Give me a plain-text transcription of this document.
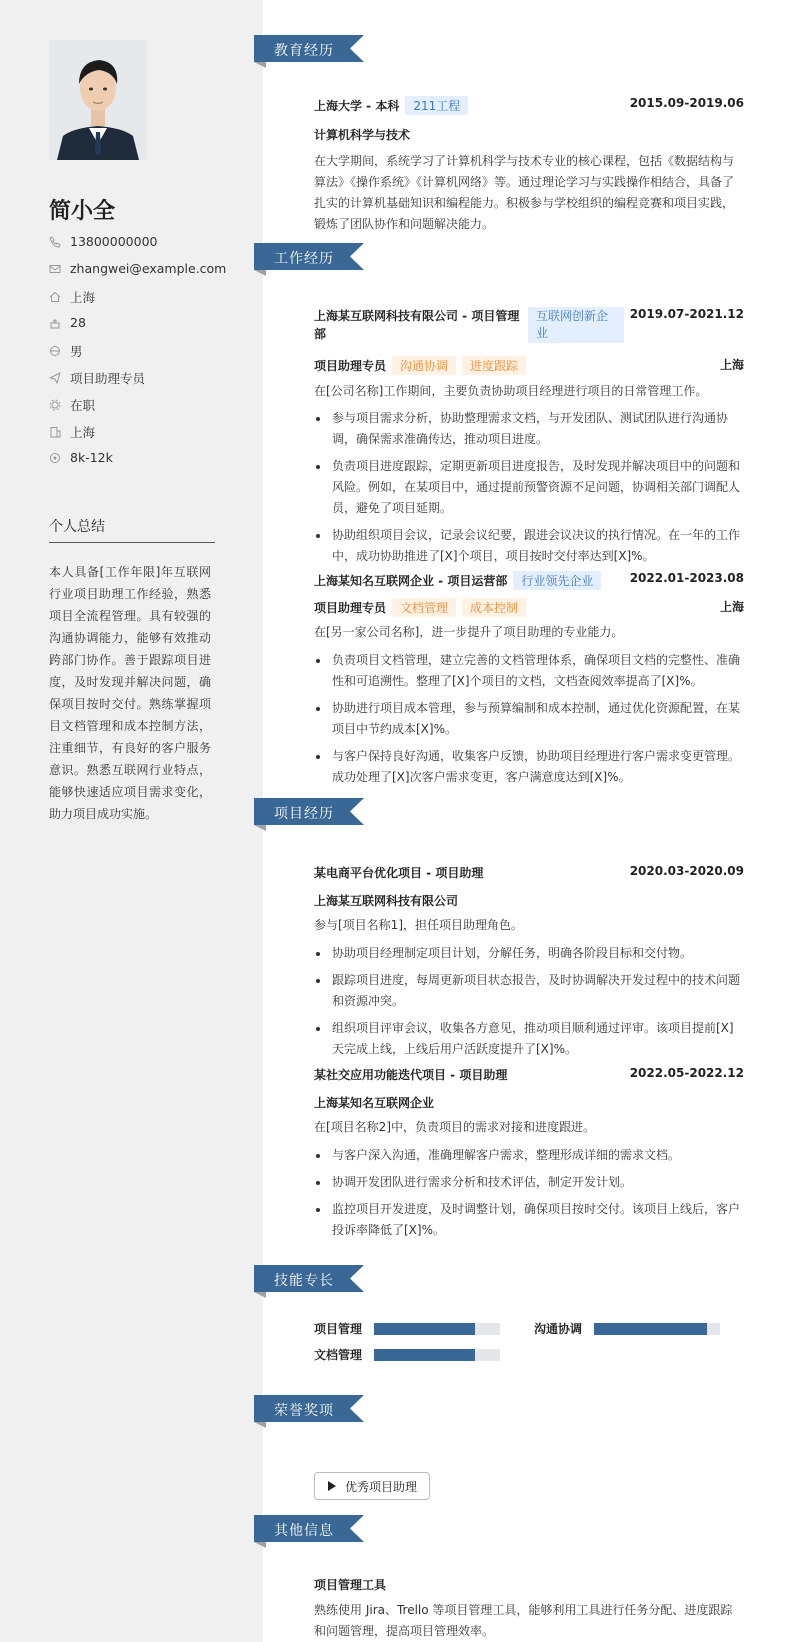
简小全
13800000000
zhangwei@example.com
上海
28
男
项目助理专员
在职
上海
8k-12k
个人总结
本人具备[工作年限]年互联网行业项目助理工作经验，熟悉项目全流程管理。具有较强的沟通协调能力，能够有效推动跨部门协作。善于跟踪项目进度，及时发现并解决问题，确保项目按时交付。熟练掌握项目文档管理和成本控制方法，注重细节，有良好的客户服务意识。熟悉互联网行业特点，能够快速适应项目需求变化，助力项目成功实施。
教育经历
工作经历
项目经历
技能专长
荣誉奖项
其他信息
上海大学 - 本科 211工程	2015.09-2019.06
计算机科学与技术
在大学期间，系统学习了计算机科学与技术专业的核心课程，包括《数据结构与算法》《操作系统》《计算机网络》等。通过理论学习与实践操作相结合，具备了扎实的计算机基础知识和编程能力。积极参与学校组织的编程竞赛和项目实践，锻炼了团队协作和问题解决能力。
上海某互联网科技有限公司 - 项目管理部
互联网创新企业
2019.07-2021.12
项目助理专员 沟通协调 进度跟踪	上海
在[公司名称]工作期间，主要负责协助项目经理进行项目的日常管理工作。
参与项目需求分析，协助整理需求文档，与开发团队、测试团队进行沟通协调，确保需求准确传达，推动项目进度。
负责项目进度跟踪，定期更新项目进度报告，及时发现并解决项目中的问题和风险。例如，在某项目中，通过提前预警资源不足问题，协调相关部门调配人员，避免了项目延期。
协助组织项目会议，记录会议纪要，跟进会议决议的执行情况。在一年的工作中，成功协助推进了[X]个项目，项目按时交付率达到[X]%。
上海某知名互联网企业 - 项目运营部 行业领先企业	2022.01-2023.08
项目助理专员 文档管理 成本控制	上海
在[另一家公司名称]，进一步提升了项目助理的专业能力。
负责项目文档管理，建立完善的文档管理体系，确保项目文档的完整性、准确性和可追溯性。整理了[X]个项目的文档，文档查阅效率提高了[X]%。
协助进行项目成本管理，参与预算编制和成本控制，通过优化资源配置，在某项目中节约成本[X]%。
与客户保持良好沟通，收集客户反馈，协助项目经理进行客户需求变更管理。成功处理了[X]次客户需求变更，客户满意度达到[X]%。
某电商平台优化项目 - 项目助理	2020.03-2020.09
上海某互联网科技有限公司
参与[项目名称1]，担任项目助理角色。
协助项目经理制定项目计划，分解任务，明确各阶段目标和交付物。
跟踪项目进度，每周更新项目状态报告，及时协调解决开发过程中的技术问题和资源冲突。
组织项目评审会议，收集各方意见，推动项目顺利通过评审。该项目提前[X]天完成上线，上线后用户活跃度提升了[X]%。
某社交应用功能迭代项目 - 项目助理	2022.05-2022.12
上海某知名互联网企业
在[项目名称2]中，负责项目的需求对接和进度跟进。
与客户深入沟通，准确理解客户需求，整理形成详细的需求文档。
协调开发团队进行需求分析和技术评估，制定开发计划。
监控项目开发进度，及时调整计划，确保项目按时交付。该项目上线后，客户投诉率降低了[X]%。
项目管理	沟通协调
文档管理
优秀项目助理
项目管理工具
熟练使用 Jira、Trello 等项目管理工具，能够利用工具进行任务分配、进度跟踪和问题管理，提高项目管理效率。
